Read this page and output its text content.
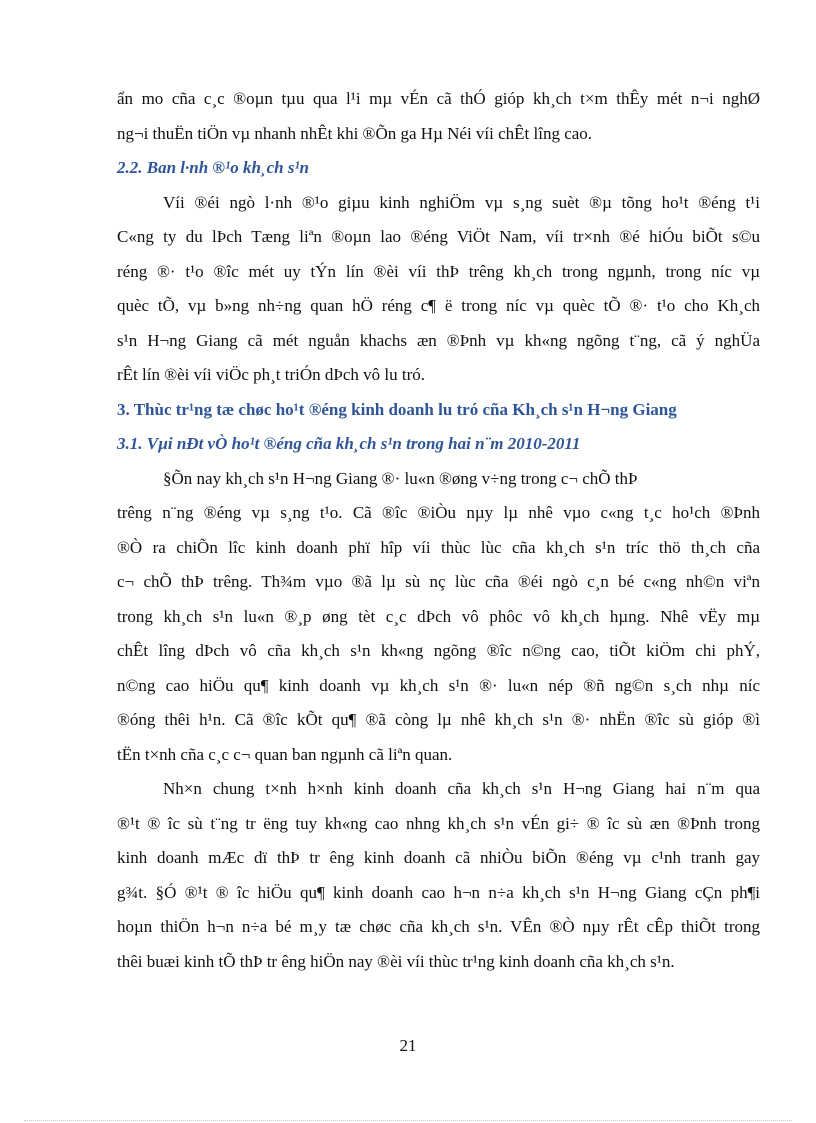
ẩn mo cña c¸c ®oµn tµu qua l¹i mµ vÉn cã thÓ gióp kh¸ch t×m thÊy mét n¬i nghØ
ng¬i thuËn tiÖn vµ nhanh nhÊt khi ®Õn ga Hµ Néi víi chÊt lîng cao.
2.2. Ban l·nh ®¹o kh¸ch s¹n
Víi ®éi ngò l·nh ®¹o giµu kinh nghiÖm vµ s¸ng suèt ®µ tõng ho¹t ®éng t¹i
C«ng ty du lÞch Tæng liªn ®oµn lao ®éng ViÖt Nam, víi tr×nh ®é hiÓu biÕt s©u
réng ®· t¹o ®îc mét uy tÝn lín ®èi víi thÞ trêng kh¸ch trong ngµnh, trong níc vµ
quèc tÕ, vµ b»ng nh÷ng quan hÖ réng c¶ ë trong níc vµ quèc tÕ ®· t¹o cho Kh¸ch
s¹n H¬ng Giang cã mét nguån khachs æn ®Þnh vµ kh«ng ngõng t¨ng, cã ý nghÜa
rÊt lín ®èi víi viÖc ph¸t triÓn dÞch vô lu tró.
3. Thùc tr¹ng tæ chøc ho¹t ®éng kinh doanh lu tró cña Kh¸ch s¹n H¬ng Giang
3.1. Vµi nÐt vÒ ho¹t ®éng cña kh¸ch s¹n trong hai n¨m 2010-2011
§Õn nay kh¸ch s¹n H¬ng Giang ®· lu«n ®øng v÷ng trong c¬ chÕ thÞ
trêng n¨ng ®éng vµ s¸ng t¹o. Cã ®îc ®iÒu nµy lµ nhê vµo c«ng t¸c ho¹ch ®Þnh
®Ò ra chiÕn lîc kinh doanh phï hîp víi thùc lùc cña kh¸ch s¹n tríc thö th¸ch cña
c¬ chÕ thÞ trêng. Th¾m vµo ®ã lµ sù nç lùc cña ®éi ngò c¸n bé c«ng nh©n viªn
trong kh¸ch s¹n lu«n ®¸p øng tèt c¸c dÞch vô phôc vô kh¸ch hµng. Nhê vËy mµ
chÊt lîng dÞch vô cña kh¸ch s¹n kh«ng ngõng ®îc n©ng cao, tiÕt kiÖm chi phÝ,
n©ng cao hiÖu qu¶ kinh doanh vµ kh¸ch s¹n ®· lu«n nép ®ñ ng©n s¸ch nhµ níc
®óng thêi h¹n. Cã ®îc kÕt qu¶ ®ã còng lµ nhê kh¸ch s¹n ®· nhËn ®îc sù gióp ®ì
tËn t×nh cña c¸c c¬ quan ban ngµnh cã liªn quan.
Nh×n chung t×nh h×nh kinh doanh cña kh¸ch s¹n H¬ng Giang hai n¨m qua
®¹t ® îc sù t¨ng tr ëng tuy kh«ng cao nhng kh¸ch s¹n vÉn gi÷ ® îc sù æn ®Þnh trong
kinh doanh mÆc dï thÞ tr êng kinh doanh cã nhiÒu biÕn ®éng vµ c¹nh tranh gay
g¾t. §Ó ®¹t ® îc hiÖu qu¶ kinh doanh cao h¬n n÷a kh¸ch s¹n H¬ng Giang cÇn ph¶i
hoµn thiÖn h¬n n÷a bé m¸y tæ chøc cña kh¸ch s¹n. VÊn ®Ò nµy rÊt cÊp thiÕt trong
thêi buæi kinh tÕ thÞ tr êng hiÖn nay ®èi víi thùc tr¹ng kinh doanh cña kh¸ch s¹n.
21
